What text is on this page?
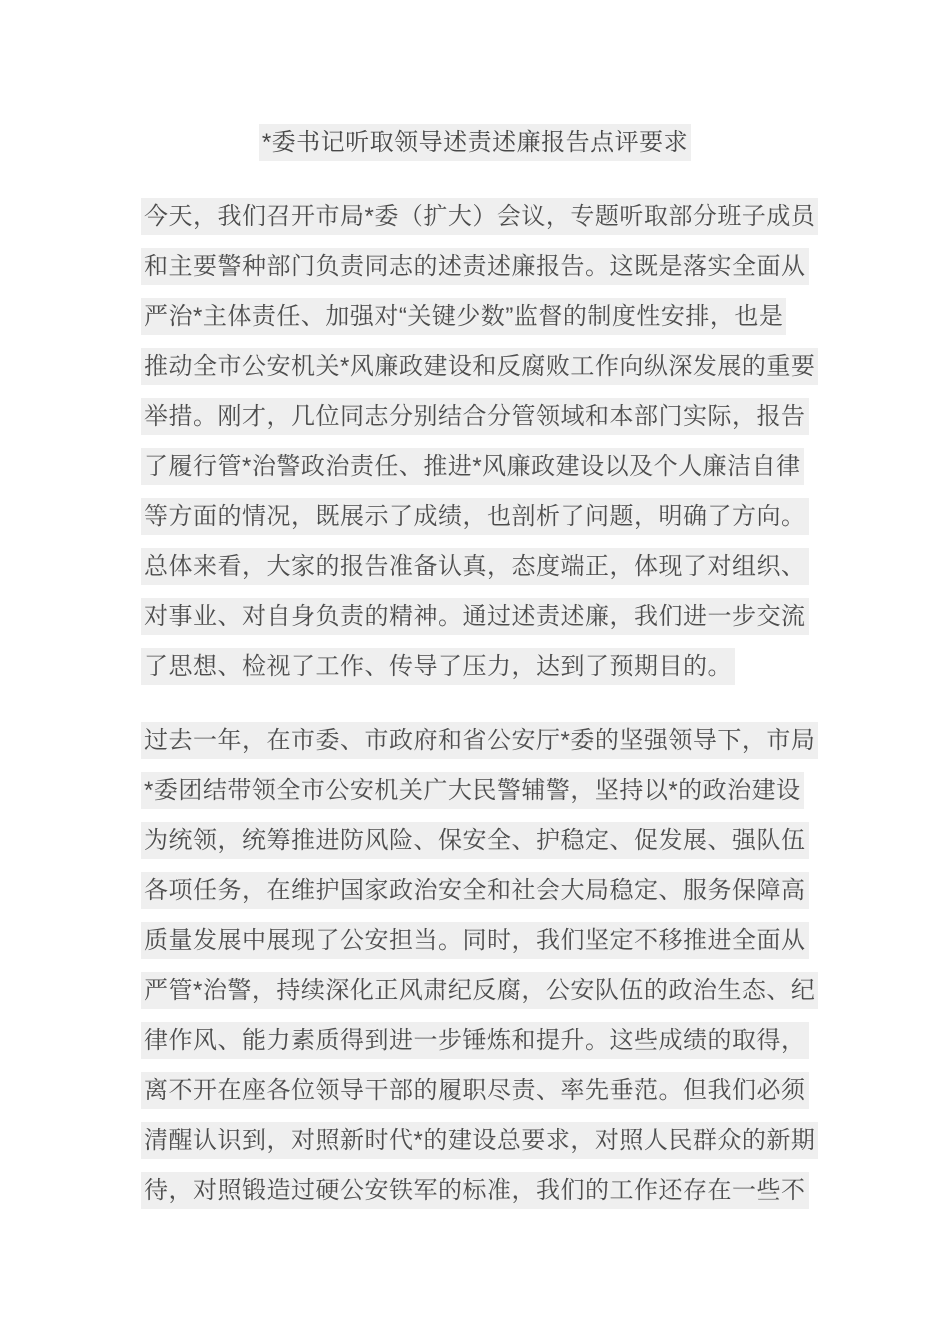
*委书记听取领导述责述廉报告点评要求
今天，我们召开市局*委（扩大）会议，专题听取部分班子成员
和主要警种部门负责同志的述责述廉报告。这既是落实全面从
严治*主体责任、加强对“关键少数”监督的制度性安排，也是
推动全市公安机关*风廉政建设和反腐败工作向纵深发展的重要
举措。刚才，几位同志分别结合分管领域和本部门实际，报告
了履行管*治警政治责任、推进*风廉政建设以及个人廉洁自律
等方面的情况，既展示了成绩，也剖析了问题，明确了方向。
总体来看，大家的报告准备认真，态度端正，体现了对组织、
对事业、对自身负责的精神。通过述责述廉，我们进一步交流
了思想、检视了工作、传导了压力，达到了预期目的。
过去一年，在市委、市政府和省公安厅*委的坚强领导下，市局
*委团结带领全市公安机关广大民警辅警，坚持以*的政治建设
为统领，统筹推进防风险、保安全、护稳定、促发展、强队伍
各项任务，在维护国家政治安全和社会大局稳定、服务保障高
质量发展中展现了公安担当。同时，我们坚定不移推进全面从
严管*治警，持续深化正风肃纪反腐，公安队伍的政治生态、纪
律作风、能力素质得到进一步锤炼和提升。这些成绩的取得，
离不开在座各位领导干部的履职尽责、率先垂范。但我们必须
清醒认识到，对照新时代*的建设总要求，对照人民群众的新期
待，对照锻造过硬公安铁军的标准，我们的工作还存在一些不
